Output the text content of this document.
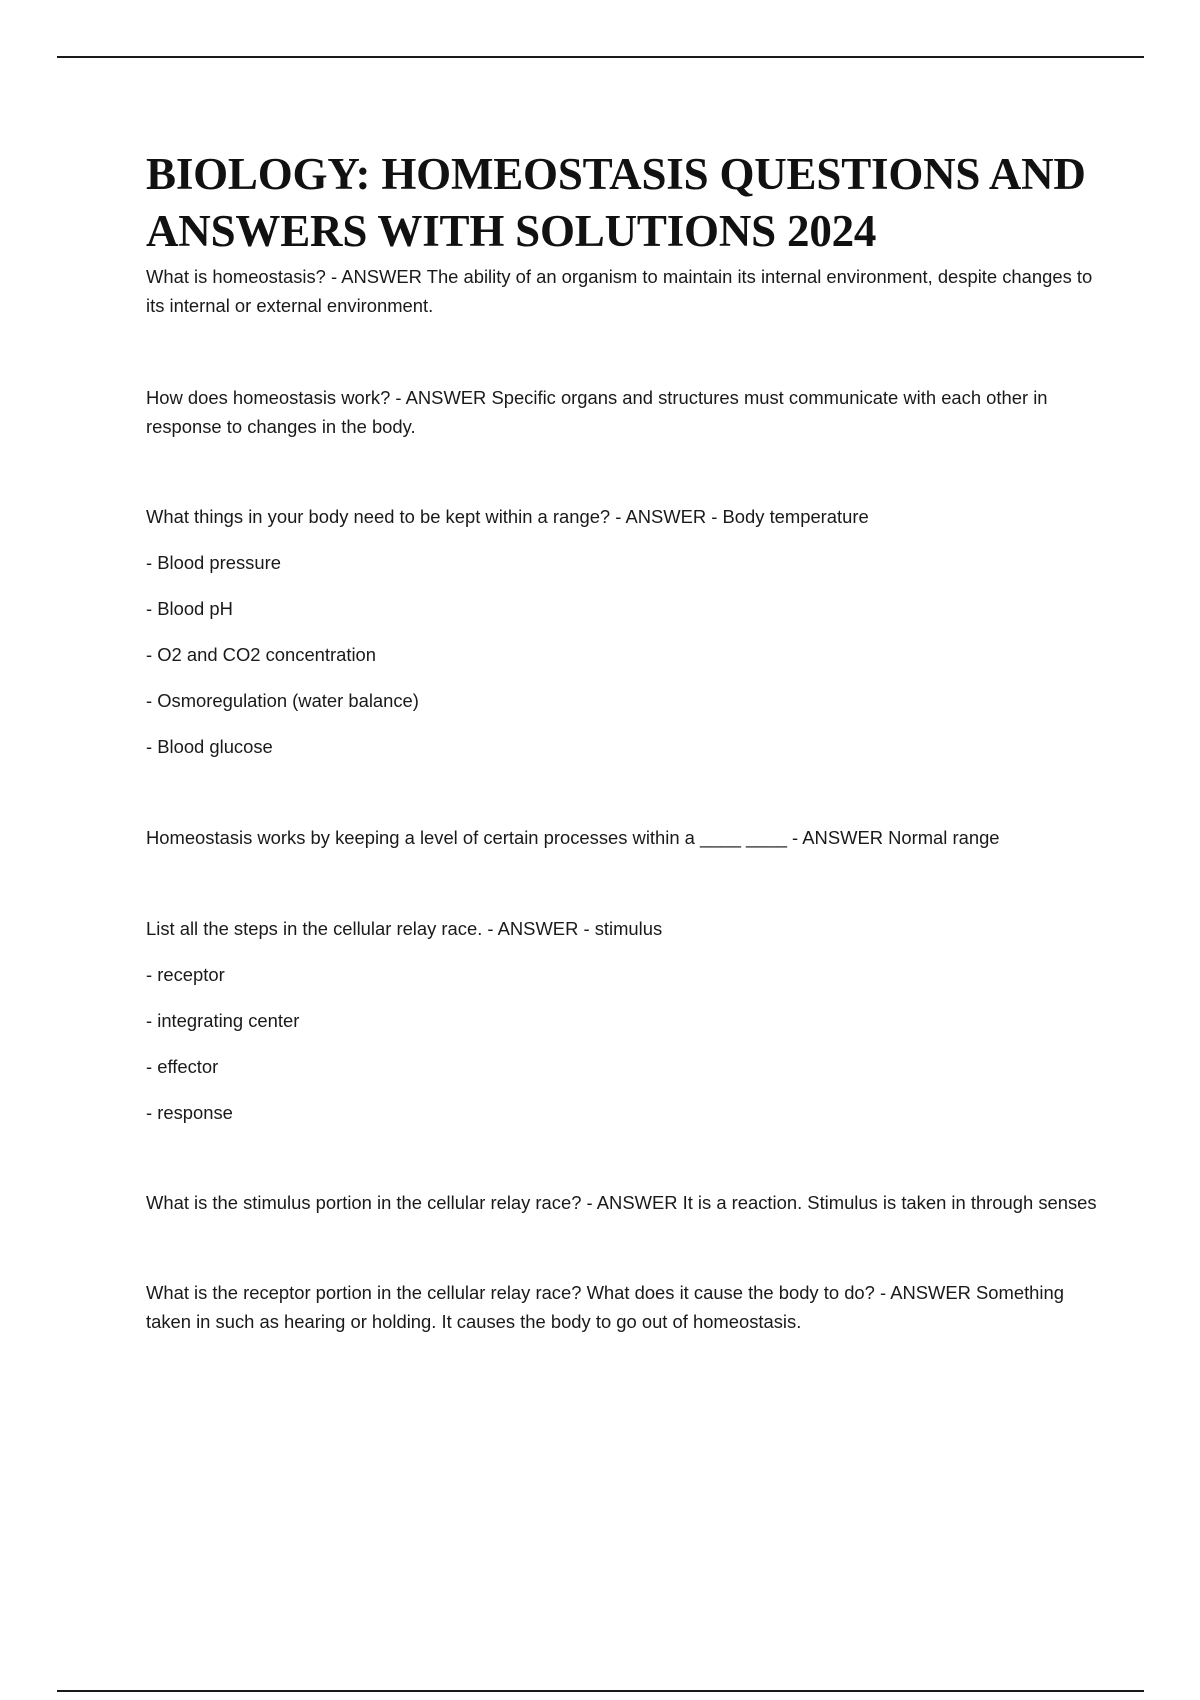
BIOLOGY: HOMEOSTASIS QUESTIONS AND ANSWERS WITH SOLUTIONS 2024

What is homeostasis? - ANSWER The ability of an organism to maintain its internal environment, despite changes to its internal or external environment.

How does homeostasis work? - ANSWER Specific organs and structures must communicate with each other in response to changes in the body.

What things in your body need to be kept within a range? - ANSWER - Body temperature

- Blood pressure

- Blood pH

- O2 and CO2 concentration

- Osmoregulation (water balance)

- Blood glucose

Homeostasis works by keeping a level of certain processes within a ____ ____ - ANSWER Normal range

List all the steps in the cellular relay race. - ANSWER - stimulus

- receptor

- integrating center

- effector

- response

What is the stimulus portion in the cellular relay race? - ANSWER It is a reaction. Stimulus is taken in through senses

What is the receptor portion in the cellular relay race? What does it cause the body to do? - ANSWER Something taken in such as hearing or holding. It causes the body to go out of homeostasis.
